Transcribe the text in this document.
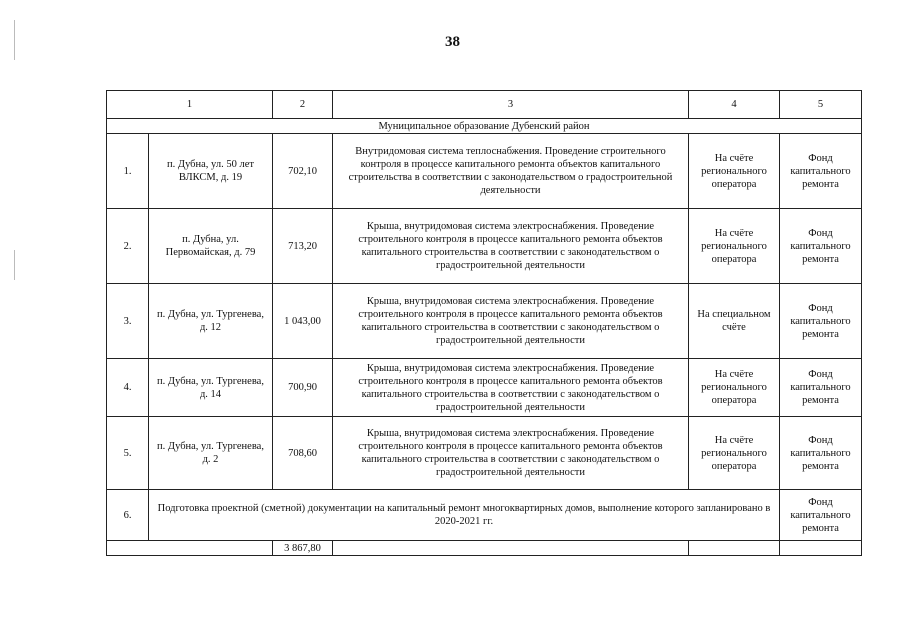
38
1		2	3	4	5
Муниципальное образование Дубенский район					
1.	п. Дубна, ул. 50 лет ВЛКСМ, д. 19	702,10	Внутридомовая система теплоснабжения. Проведение строительного контроля в процессе капитального ремонта объектов капитального строительства в соответствии с законодательством о градостроительной деятельности	На счёте регионального оператора	Фонд капитального ремонта
2.	п. Дубна, ул. Первомайская, д. 79	713,20	Крыша, внутридомовая система электроснабжения. Проведение строительного контроля в процессе капитального ремонта объектов капитального строительства в соответствии с законодательством о градостроительной деятельности	На счёте регионального оператора	Фонд капитального ремонта
3.	п. Дубна, ул. Тургенева, д. 12	1 043,00	Крыша, внутридомовая система электроснабжения. Проведение строительного контроля в процессе капитального ремонта объектов капитального строительства в соответствии с законодательством о градостроительной деятельности	На специальном счёте	Фонд капитального ремонта
4.	п. Дубна, ул. Тургенева, д. 14	700,90	Крыша, внутридомовая система электроснабжения. Проведение строительного контроля в процессе капитального ремонта объектов капитального строительства в соответствии с законодательством о градостроительной деятельности	На счёте регионального оператора	Фонд капитального ремонта
5.	п. Дубна, ул. Тургенева, д. 2	708,60	Крыша, внутридомовая система электроснабжения. Проведение строительного контроля в процессе капитального ремонта объектов капитального строительства в соответствии с законодательством о градостроительной деятельности	На счёте регионального оператора	Фонд капитального ремонта
6.	Подготовка проектной (сметной) документации на капитальный ремонт многоквартирных домов, выполнение которого запланировано в 2020-2021 гг.				Фонд капитального ремонта
		3 867,80			
